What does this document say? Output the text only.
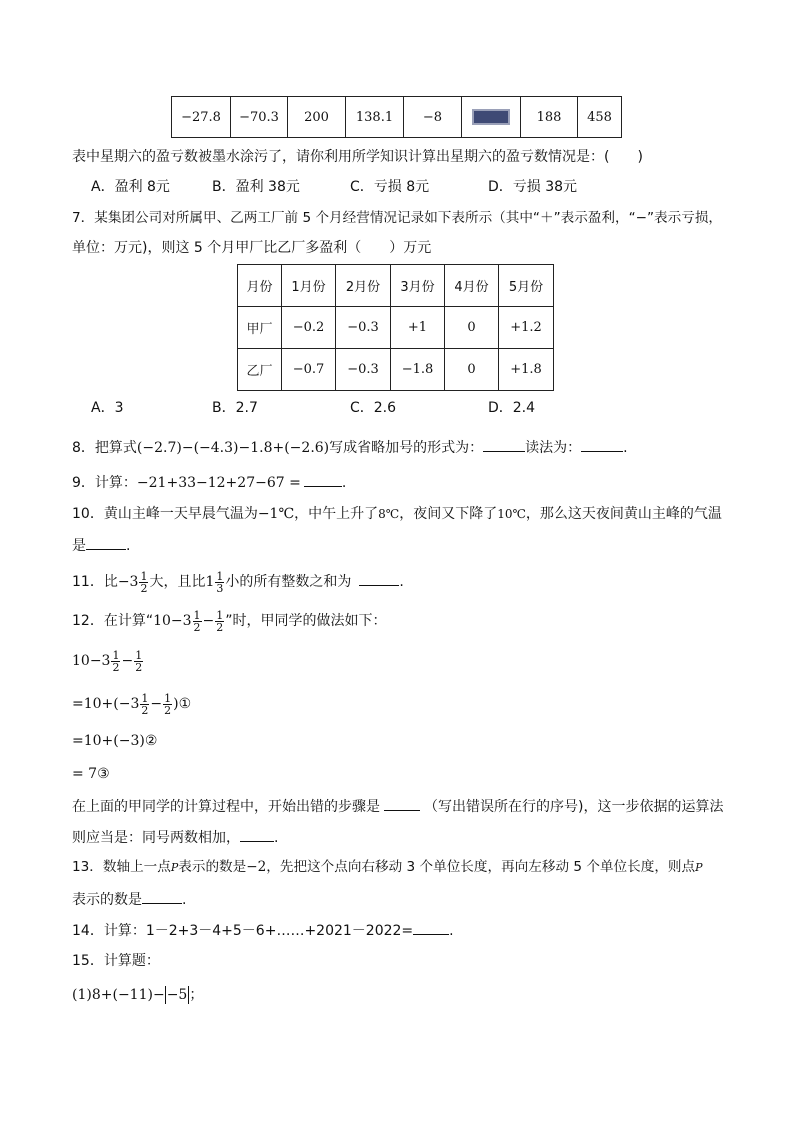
−27.8	−70.3	200	138.1	−8		188	458
表中星期六的盈亏数被墨水涂污了，请你利用所学知识计算出星期六的盈亏数情况是：(　　)
A．盈利 8元	B．盈利 38元	C．亏损 8元	D．亏损 38元
7．某集团公司对所属甲、乙两工厂前 5 个月经营情况记录如下表所示（其中“＋”表示盈利，“−”表示亏损，
单位：万元)，则这 5 个月甲厂比乙厂多盈利（　　）万元
月份	1月份	2月份	3月份	4月份	5月份
甲厂	−0.2	−0.3	+1	0	+1.2
乙厂	−0.7	−0.3	−1.8	0	+1.8
A．3	B．2.7	C．2.6	D．2.4
8．把算式(−2.7)−(−4.3)−1.8+(−2.6)写成省略加号的形式为：	读法为：	.
9．计算：−21+33−12+27−67 =	.
10．黄山主峰一天早晨气温为−1℃，中午上升了8℃，夜间又下降了10℃，那么这天夜间黄山主峰的气温
是	.
11．比$-3 \frac{1}{2}$ 大，且比$1 \frac{1}{3}$ 小的所有整数之和为	.
12．在计算“$10-3 \frac{1}{2} - \frac{1}{2}$ ”时，甲同学的做法如下：
$10-3 \frac{1}{2} - \frac{1}{2}$
$=10+(-3 \frac{1}{2} - \frac{1}{2}$ )①
=10+(−3)②
= 7③
在上面的甲同学的计算过程中，开始出错的步骤是	（写出错误所在行的序号)，这一步依据的运算法
则应当是：同号两数相加， .
13．数轴上一点P表示的数是−2，先把这个点向右移动 3 个单位长度，再向左移动 5 个单位长度，则点P
表示的数是	.
14．计算：1－2+3－4+5－6+……+2021－2022=	.
15．计算题：
(1)8+(−11)− −5 ；
